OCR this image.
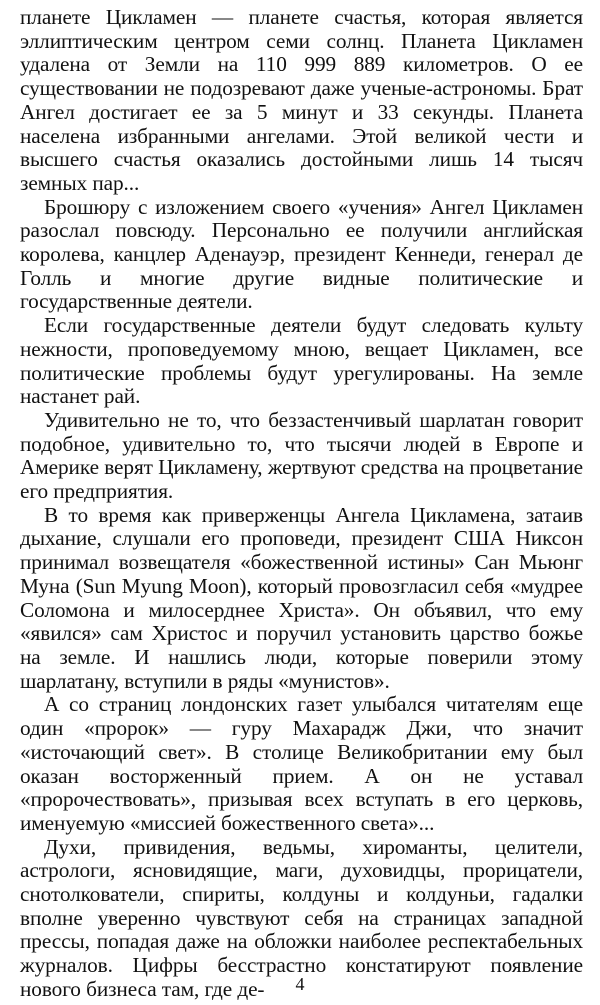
планете Цикламен — планете счастья, которая является эллиптическим центром семи солнц. Планета Цикламен удалена от Земли на 110 999 889 километров. О ее существовании не подозревают даже ученые-астрономы. Брат Ангел достигает ее за 5 минут и 33 секунды. Планета населена избранными ангелами. Этой великой чести и высшего счастья оказались достойными лишь 14 тысяч земных пар...

Брошюру с изложением своего «учения» Ангел Цикламен разослал повсюду. Персонально ее получили английская королева, канцлер Аденауэр, президент Кеннеди, генерал де Голль и многие другие видные политические и государственные деятели.

Если государственные деятели будут следовать культу нежности, проповедуемому мною, вещает Цикламен, все политические проблемы будут урегулированы. На земле настанет рай.

Удивительно не то, что беззастенчивый шарлатан говорит подобное, удивительно то, что тысячи людей в Европе и Америке верят Цикламену, жертвуют средства на процветание его предприятия.

В то время как приверженцы Ангела Цикламена, затаив дыхание, слушали его проповеди, президент США Никсон принимал возвещателя «божественной истины» Сан Мьюнг Муна (Sun Myung Moon), который провозгласил себя «мудрее Соломона и милосерднее Христа». Он объявил, что ему «явился» сам Христос и поручил установить царство божье на земле. И нашлись люди, которые поверили этому шарлатану, вступили в ряды «мунистов».

А со страниц лондонских газет улыбался читателям еще один «пророк» — гуру Махарадж Джи, что значит «источающий свет». В столице Великобритании ему был оказан восторженный прием. А он не уставал «пророчествовать», призывая всех вступать в его церковь, именуемую «миссией божественного света»...

Духи, привидения, ведьмы, хироманты, целители, астрологи, ясновидящие, маги, духовидцы, прорицатели, снотолкователи, спириты, колдуны и колдуньи, гадалки вполне уверенно чувствуют себя на страницах западной прессы, попадая даже на обложки наиболее респектабельных журналов. Цифры бесстрастно констатируют появление нового бизнеса там, где де-	4
